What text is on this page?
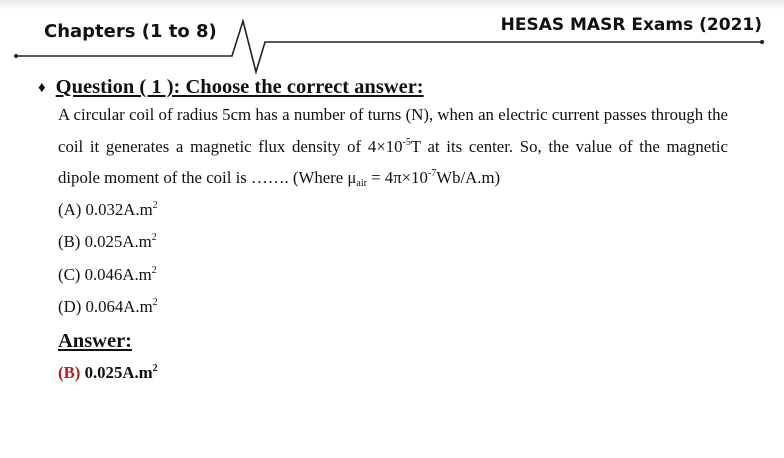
Chapters (1 to 8)	HESAS MASR Exams (2021)
♦ Question ( 1 ): Choose the correct answer:
A circular coil of radius 5cm has a number of turns (N), when an electric current passes through the coil it generates a magnetic flux density of $4\times 10^{-5}T$ at its center. So, the value of the magnetic dipole moment of the coil is ……. (Where $\mu_{air} = 4\pi\times 10^{-7}Wb/A.m$)
(A) $0.032A.m^2$
(B) $0.025A.m^2$
(C) $0.046A.m^2$
(D) $0.064A.m^2$
Answer:
(B) $0.025A.m^2$
